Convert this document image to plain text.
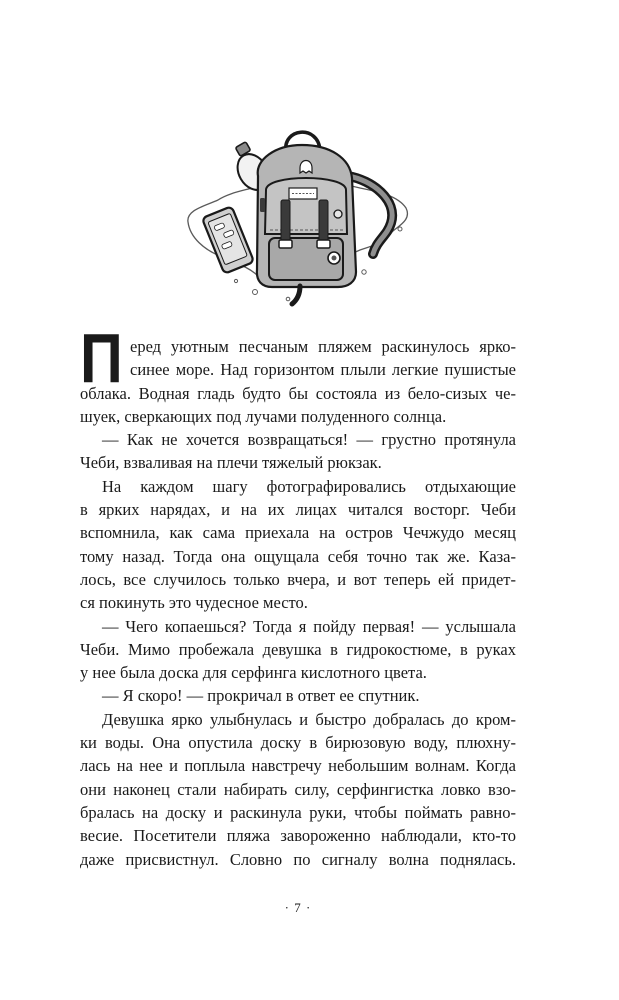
П еред уютным песчаным пляжем раскинулось ярко-
синее море. Над горизонтом плыли легкие пушистые
облака. Водная гладь будто бы состояла из бело-сизых че-
шуек, сверкающих под лучами полуденного солнца.
— Как не хочется возвращаться! — грустно протянула
Чеби, взваливая на плечи тяжелый рюкзак.
На каждом шагу фотографировались отдыхающие
в ярких нарядах, и на их лицах читался восторг. Чеби
вспомнила, как сама приехала на остров Чечжудо месяц
тому назад. Тогда она ощущала себя точно так же. Каза-
лось, все случилось только вчера, и вот теперь ей придет-
ся покинуть это чудесное место.
— Чего копаешься? Тогда я пойду первая! — услышала
Чеби. Мимо пробежала девушка в гидрокостюме, в руках
у нее была доска для серфинга кислотного цвета.
— Я скоро! — прокричал в ответ ее спутник.
Девушка ярко улыбнулась и быстро добралась до кром-
ки воды. Она опустила доску в бирюзовую воду, плюхну-
лась на нее и поплыла навстречу небольшим волнам. Когда
они наконец стали набирать силу, серфингистка ловко взо-
бралась на доску и раскинула руки, чтобы поймать равно-
весие. Посетители пляжа завороженно наблюдали, кто-то
даже присвистнул. Словно по сигналу волна поднялась.
· 7 ·
